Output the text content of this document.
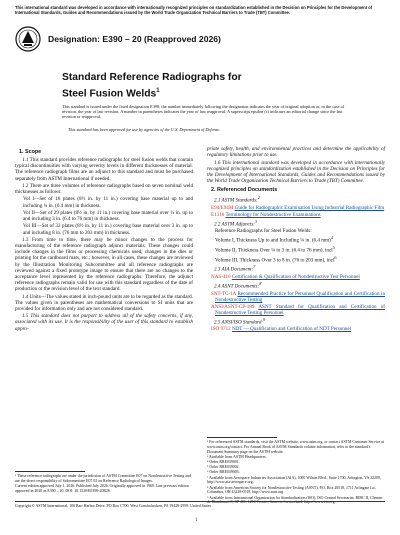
This international standard was developed in accordance with internationally recognized principles on standardization established in the Decision on Principles for the Development of International Standards, Guides and Recommendations issued by the World Trade Organization Technical Barriers to Trade (TBT) Committee.
Designation: E390 – 20 (Reapproved 2026)
Standard Reference Radiographs for
Steel Fusion Welds$^1$
This standard is issued under the fixed designation E390; the number immediately following the designation indicates the year of original adoption or, in the case of revision, the year of last revision. A number in parentheses indicates the year of last reapproval. A superscript epsilon (ε) indicates an editorial change since the last revision or reapproval.
This standard has been approved for use by agencies of the U.S. Department of Defense.
1. Scope

1.1 This standard provides reference radiographs for steel fusion welds that contain typical discontinuities with varying severity levels in different thicknesses of material. The reference radiograph films are an adjunct to this standard and must be purchased separately from ASTM International if needed.

1.2 There are three volumes of reference radiographs based on seven nominal weld thicknesses as follows:

Vol I—Set of 16 plates (8½ in. by 11 in.) covering base material up to and including ¼ in. (6.4 mm) in thickness.

Vol II—Set of 29 plates (8½ in. by 11 in.) covering base material over ¼ in. up to and including 3 in. (6.4 to 76 mm) in thickness.

Vol III—Set of 32 plates (8½ in. by 11 in.) covering base material over 3 in. up to and including 8 in. (76 mm to 203 mm) in thickness.

1.3 From time to time, there may be minor changes to the process for manufacturing of the reference radiograph adjunct materials. These changes could include changes in the films or processing chemicals used, changes in the dies or printing for the cardboard mats, etc.; however, in all cases, these changes are reviewed by the Illustration Monitoring Subcommittee and all reference radiographs are reviewed against a fixed prototype image to ensure that there are no changes to the acceptance level represented by the reference radiographs. Therefore, the adjunct reference radiographs remain valid for use with this standard regardless of the date of production or the revision level of the text standard.

1.4 Units—The values stated in inch-pound units are to be regarded as the standard. The values given in parentheses are mathematical conversions to SI units that are provided for information only and are not considered standard.

1.5 This standard does not purport to address all of the safety concerns, if any, associated with its use. It is the responsibility of the user of this standard to establish appro-

¹ These reference radiographs are under the jurisdiction of ASTM Committee E07 on Nondestructive Testing and are the direct responsibility of Subcommittee E07.02 on Reference Radiological Images.

Current edition approved July 1, 2026. Published July 2026. Originally approved in 1969. Last previous edition approved in 2020 as E390 – 20. DOI: 10.1520/E0390-20R26.

priate safety, health, and environmental practices and determine the applicability of regulatory limitations prior to use.

1.6 This international standard was developed in accordance with internationally recognized principles on standardization established in the Decision on Principles for the Development of International Standards, Guides and Recommendations issued by the World Trade Organization Technical Barriers to Trade (TBT) Committee.

2. Referenced Documents

2.1 ASTM Standards:$^2$

E94/E94M Guide for Radiographic Examination Using Industrial Radiographic Film

E1316 Terminology for Nondestructive Examinations

2.2 ASTM Adjuncts:$^3$

Reference Radiographs for Steel Fusion Welds:

Volume I, Thickness Up to and Including ¼ in. (6.4 mm)$^4$

Volume II, Thickness Over ¼ to 3 in. (6.4 to 76 mm), incl$^5$

Volume III, Thickness Over 3 to 8 in. (76 to 203 mm), incl$^6$

2.3 AIA Document:$^7$

NAS-410 Certification & Qualification of Nondestructive Test Personnel

2.4 ASNT Documents:$^8$

SNT-TC-1A Recommended Practice for Personnel Qualification and Certification in Nondestructive Testing

ANSI/ASNT-CP-189 ASNT Standard for Qualification and Certification of Nondestructive Testing Personnel

2.5 ANSI/ISO Standard:$^9$

ISO 9712 NDT — Qualification and Certification of NDT Personnel

² For referenced ASTM standards, visit the ASTM website, www.astm.org, or contact ASTM Customer Service at www.astm.org/contact. For Annual Book of ASTM Standards volume information, refer to the standard's Document Summary page on the ASTM website.

³ Available from ASTM Headquarters.

⁴ Order RRE039001.

⁵ Order RRE039002.

⁶ Order RRE039003.

⁷ Available from Aerospace Industries Association (AIA), 1000 Wilson Blvd., Suite 1700, Arlington, VA 22209, http://www.aia-aerospace.org.

⁸ Available from American Society for Nondestructive Testing (ASNT), P.O. Box 28518, 1711 Arlingate Ln., Columbus, OH 43228-0518, http://www.asnt.org.

⁹ Available from International Organization for Standardization (ISO), ISO Central Secretariat, BIBC II, Chemin de Blandonnet 8, CP 401, 1214 Vernier, Geneva, Switzerland, https://www.iso.org.

Copyright © ASTM International, 100 Barr Harbor Drive, PO Box C700, West Conshohocken, PA 19428-2959. United States
1
